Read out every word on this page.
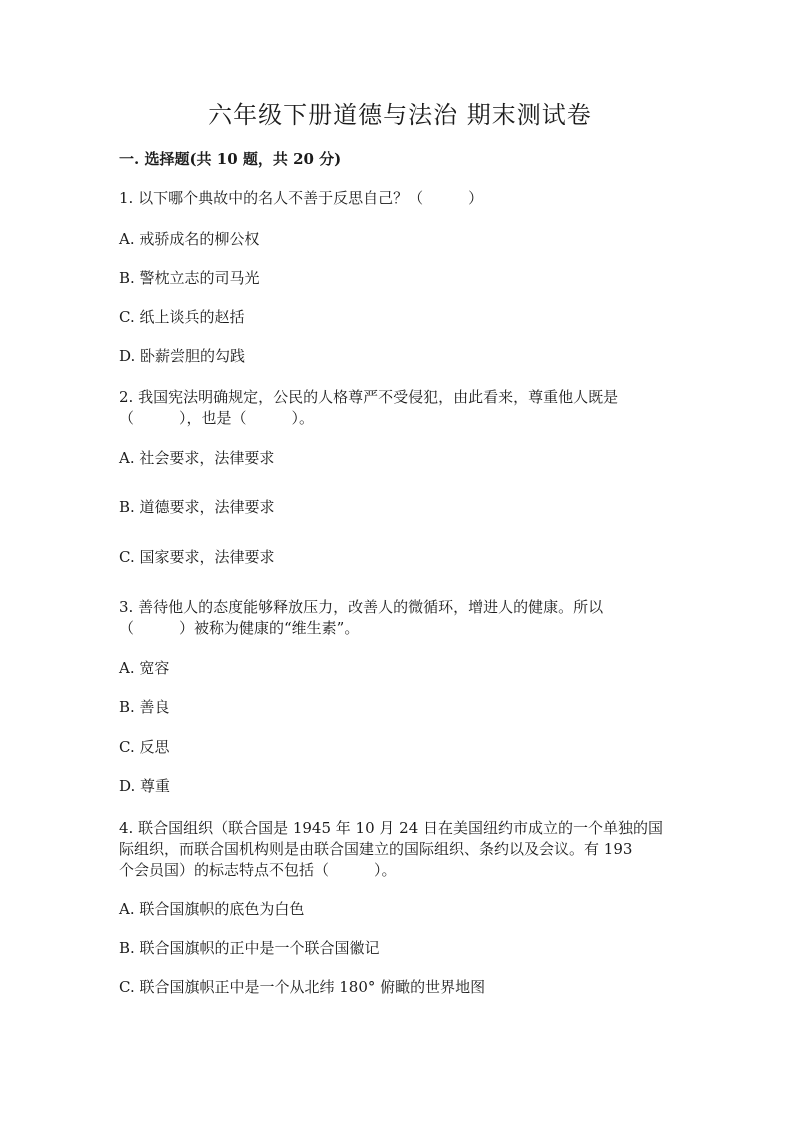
六年级下册道德与法治 期末测试卷
一. 选择题(共 10 题，共 20 分)
1. 以下哪个典故中的名人不善于反思自己？（　　　）
A. 戒骄成名的柳公权
B. 警枕立志的司马光
C. 纸上谈兵的赵括
D. 卧薪尝胆的勾践
2. 我国宪法明确规定，公民的人格尊严不受侵犯，由此看来，尊重他人既是
（　　　），也是（　　　）。
A. 社会要求，法律要求
B. 道德要求，法律要求
C. 国家要求，法律要求
3. 善待他人的态度能够释放压力，改善人的微循环，增进人的健康。所以
（　　　）被称为健康的“维生素”。
A. 宽容
B. 善良
C. 反思
D. 尊重
4. 联合国组织（联合国是 1945 年 10 月 24 日在美国纽约市成立的一个单独的国
际组织，而联合国机构则是由联合国建立的国际组织、条约以及会议。有 193
个会员国）的标志特点不包括（　　　）。
A. 联合国旗帜的底色为白色
B. 联合国旗帜的正中是一个联合国徽记
C. 联合国旗帜正中是一个从北纬 180° 俯瞰的世界地图
